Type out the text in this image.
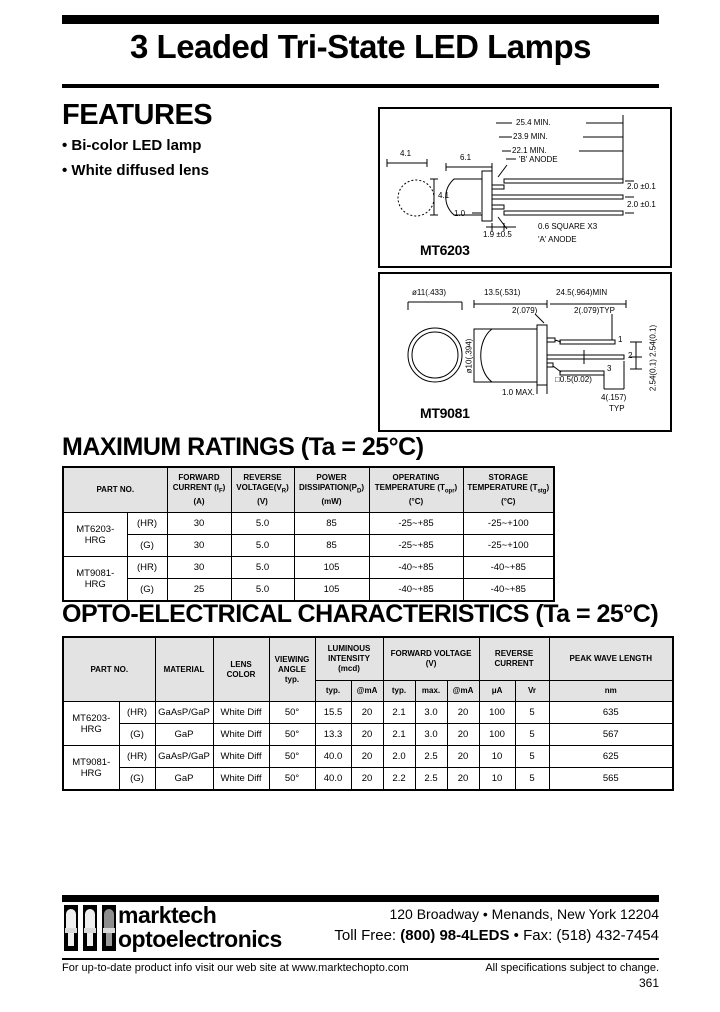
3 Leaded Tri-State LED Lamps
FEATURES
• Bi-color LED lamp
• White diffused lens
4.1
25.4 MIN.
23.9 MIN.
22.1 MIN.
'B' ANODE
6.1
4.1
1.0
1.9 ±0.5
2.0 ±0.1
2.0 ±0.1
0.6 SQUARE X3
'A' ANODE
MT6203
ø11(.433)	13.5(.531)	24.5(.964)MIN
2(.079)	2(.079)TYP
ø10(.394)	2.54(0.1) 2.54(0.1)
1
2
3
□0.5(0.02)
1.0 MAX.
4(.157)
TYP
MT9081
MAXIMUM RATINGS (Ta = 25°C)
PART NO.		FORWARD CURRENT $(I_F)$ (A)	REVERSE $VOLTAGE(V_R)$ (V)	POWER $DISSIPATION(P_D)$ (mW)	OPERATING TEMPERATURE $(T_{opr})$ (°C)	STORAGE TEMPERATURE $(T_{stg})$ (°C)
MT6203-HRG	(HR)	30	5.0	85	-25~+85	-25~+100
	(G)	30	5.0	85	-25~+85	-25~+100
MT9081-HRG	(HR)	30	5.0	105	-40~+85	-40~+85
	(G)	25	5.0	105	-40~+85	-40~+85
OPTO-ELECTRICAL CHARACTERISTICS (Ta = 25°C)
PART NO.		MATERIAL	LENS COLOR	VIEWING ANGLE typ.	LUMINOUS INTENSITY (mcd)		FORWARD VOLTAGE (V)			REVERSE CURRENT		PEAK WAVE LENGTH
					typ.	@mA	typ.	max.	@mA	μA	Vr	nm
MT6203-HRG	(HR)	GaAsP/GaP	White Diff	50°	15.5	20	2.1	3.0	20	100	5	635
	(G)	GaP	White Diff	50°	13.3	20	2.1	3.0	20	100	5	567
MT9081-HRG	(HR)	GaAsP/GaP	White Diff	50°	40.0	20	2.0	2.5	20	10	5	625
	(G)	GaP	White Diff	50°	40.0	20	2.2	2.5	20	10	5	565
marktech
optoelectronics
120 Broadway • Menands, New York 12204
Toll Free: (800) 98-4LEDS • Fax: (518) 432-7454
For up-to-date product info visit our web site at www.marktechopto.com	All specifications subject to change.
361
